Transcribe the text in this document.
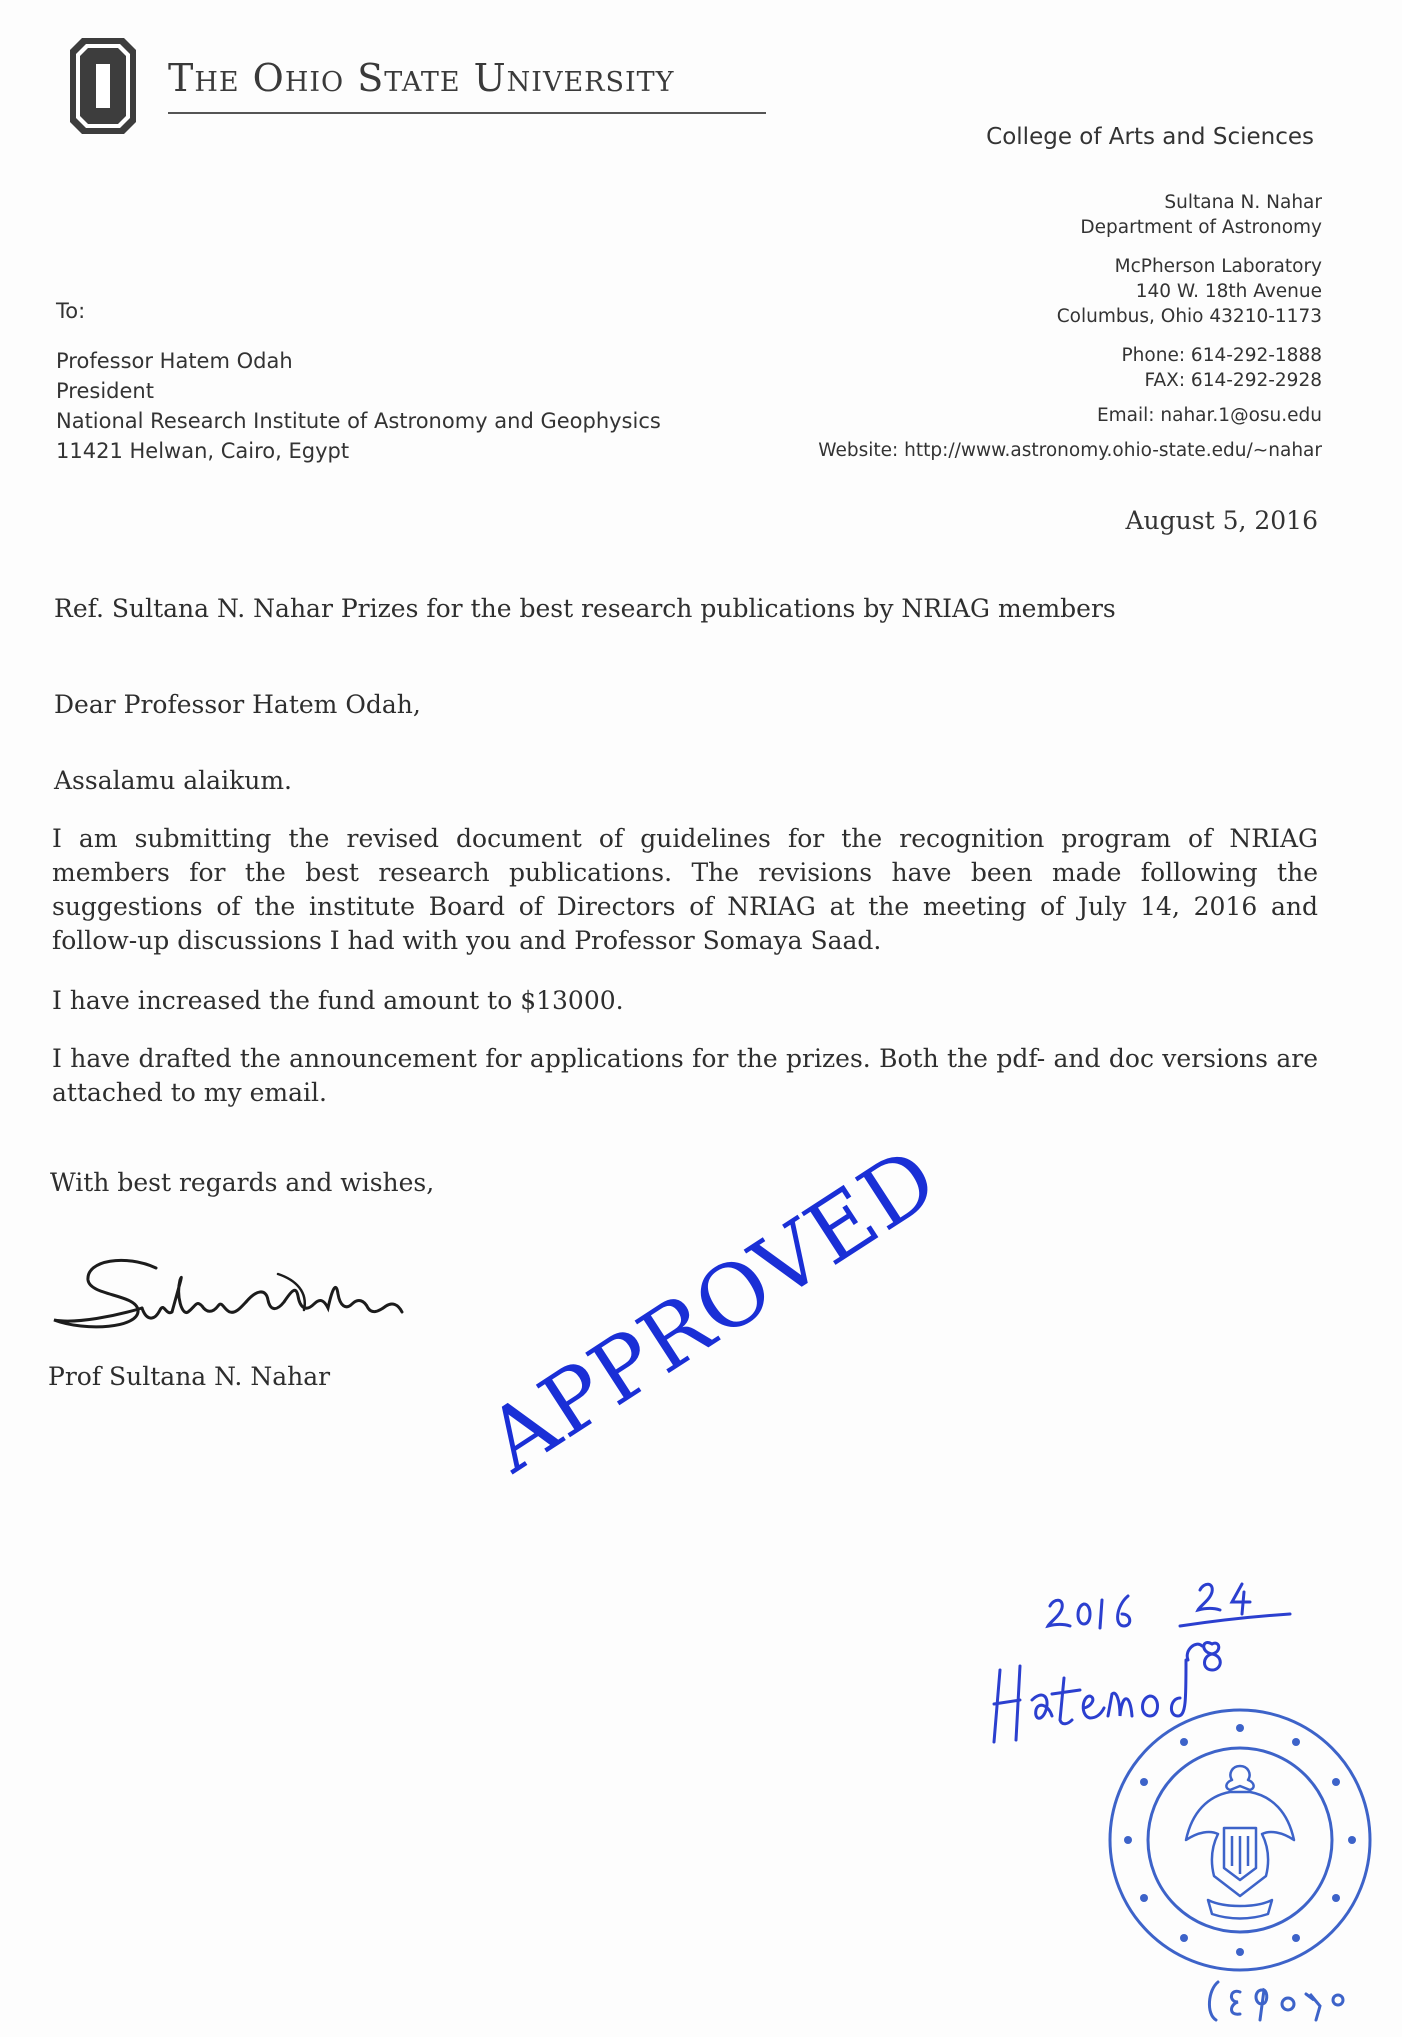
The Ohio State University
College of Arts and Sciences
Sultana N. Nahar
Department of Astronomy
McPherson Laboratory
140 W. 18th Avenue
Columbus, Ohio 43210-1173
Phone: 614-292-1888
FAX: 614-292-2928
Email: nahar.1@osu.edu
Website: http://www.astronomy.ohio-state.edu/∼nahar
To:
Professor Hatem Odah
President
National Research Institute of Astronomy and Geophysics
11421 Helwan, Cairo, Egypt
August 5, 2016
Ref. Sultana N. Nahar Prizes for the best research publications by NRIAG members
Dear Professor Hatem Odah,
Assalamu alaikum.

I am submitting the revised document of guidelines for the recognition program of NRIAG members for the best research publications. The revisions have been made following the suggestions of the institute Board of Directors of NRIAG at the meeting of July 14, 2016 and follow-up discussions I had with you and Professor Somaya Saad.

I have increased the fund amount to $13000.

I have drafted the announcement for applications for the prizes. Both the pdf- and doc versions are attached to my email.

With best regards and wishes,
Prof Sultana N. Nahar APPROVED
